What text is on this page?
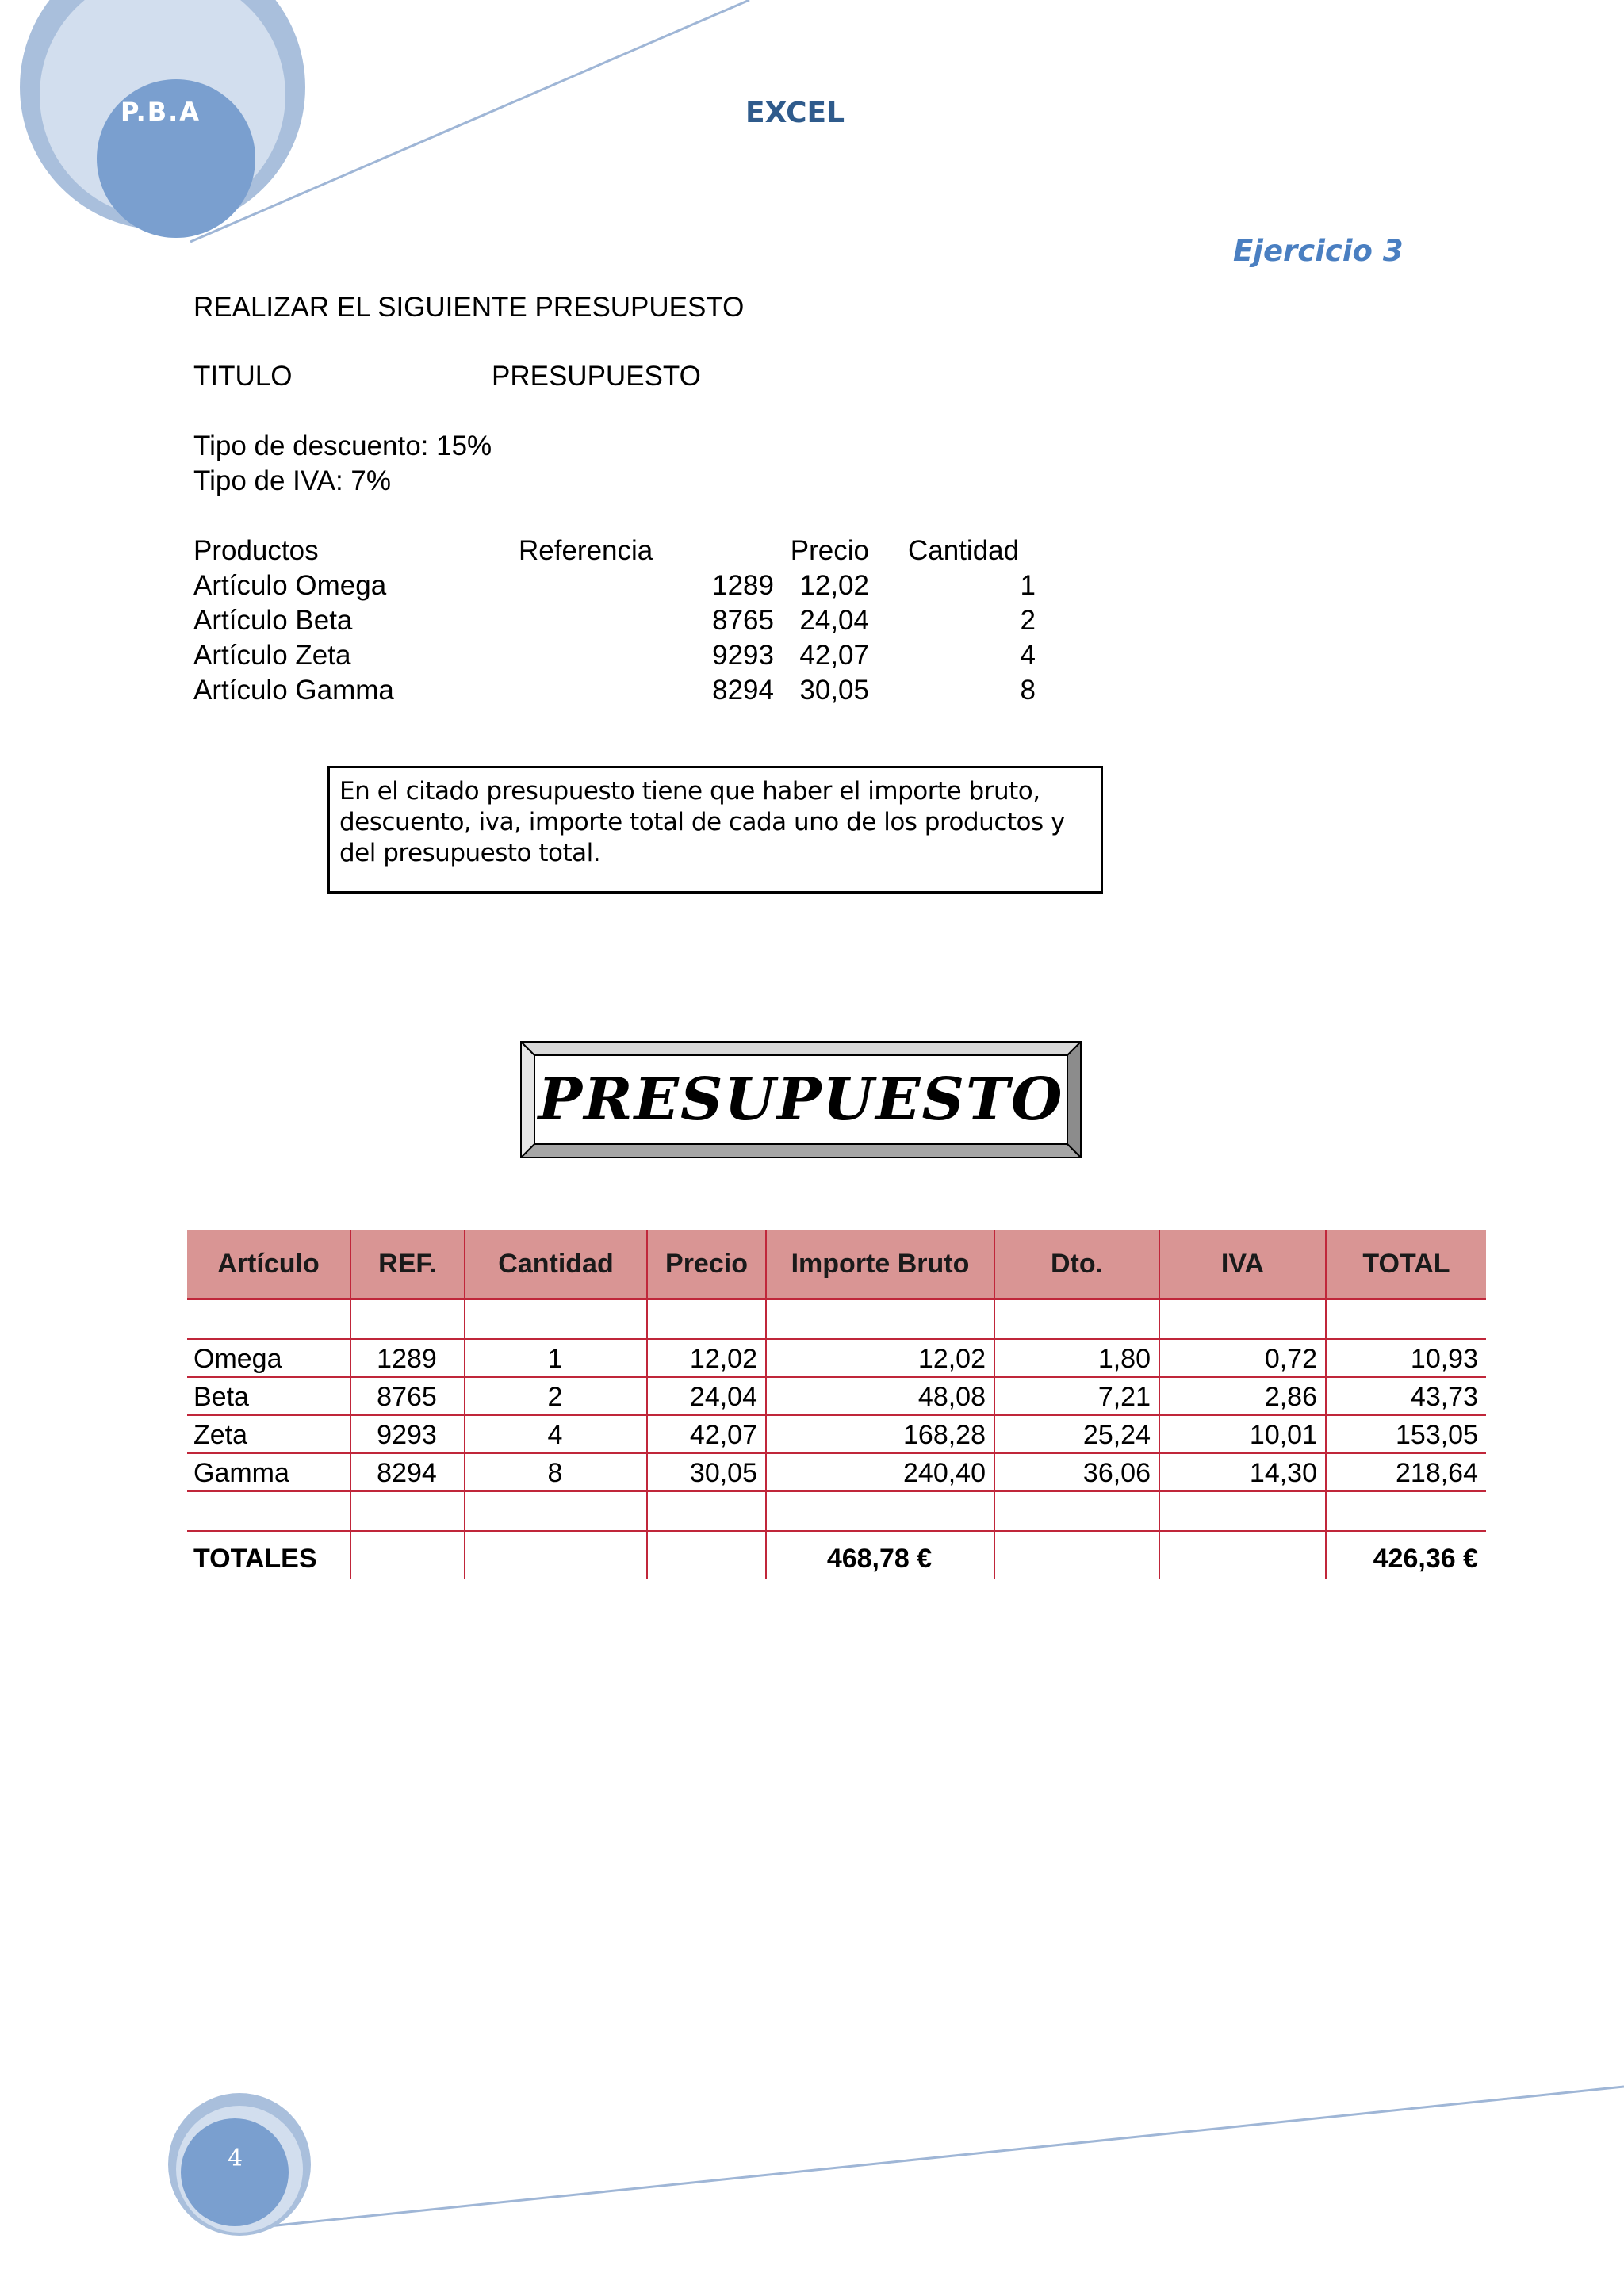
P.B.A	EXCEL
Ejercicio 3
REALIZAR EL SIGUIENTE PRESUPUESTO
TITULO	PRESUPUESTO
Tipo de descuento: 15%
Tipo de IVA: 7%
Productos	Referencia	Precio Cantidad
Artículo Omega	1289 12,02	1
Artículo Beta	8765 24,04	2
Artículo Zeta	9293 42,07	4
Artículo Gamma	8294 30,05	8
En el citado presupuesto tiene que haber el importe bruto,
descuento, iva, importe total de cada uno de los productos y
del presupuesto total.
PRESUPUESTO
Artículo	REF.	Cantidad	Precio	Importe Bruto	Dto.	IVA	TOTAL

Omega	1289	1	12,02	12,02	1,80	0,72	10,93
Beta	8765	2	24,04	48,08	7,21	2,86	43,73
Zeta	9293	4	42,07	168,28	25,24	10,01	153,05
Gamma	8294	8	30,05	240,40	36,06	14,30	218,64

TOTALES				468,78 €			426,36 €
4
